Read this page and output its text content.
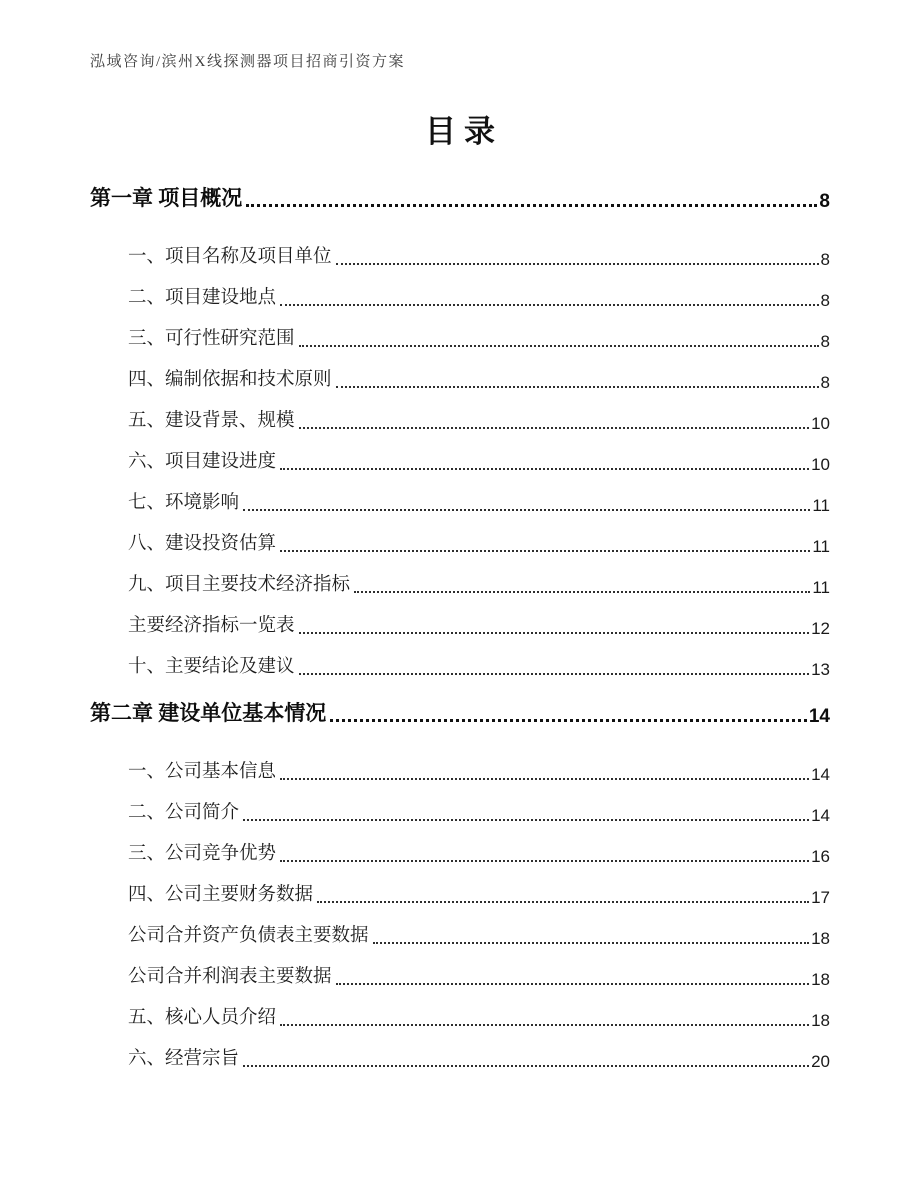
泓域咨询/滨州X线探测器项目招商引资方案
目录
第一章 项目概况	8
一、项目名称及项目单位	8
二、项目建设地点	8
三、可行性研究范围	8
四、编制依据和技术原则	8
五、建设背景、规模	10
六、项目建设进度	10
七、环境影响	11
八、建设投资估算	11
九、项目主要技术经济指标	11
主要经济指标一览表	12
十、主要结论及建议	13
第二章 建设单位基本情况	14
一、公司基本信息	14
二、公司简介	14
三、公司竞争优势	16
四、公司主要财务数据	17
公司合并资产负债表主要数据	18
公司合并利润表主要数据	18
五、核心人员介绍	18
六、经营宗旨	20
